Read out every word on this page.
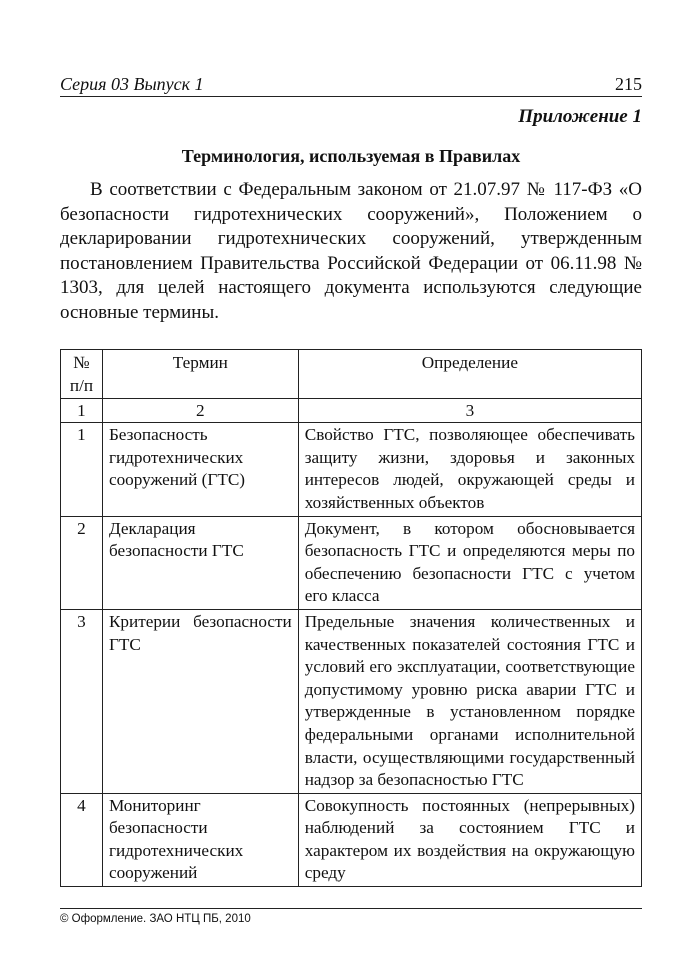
Серия 03 Выпуск 1	215
Приложение 1
Терминология, используемая в Правилах

В соответствии с Федеральным законом от 21.07.97 № 117-ФЗ «О безопасности гидротехнических сооружений», Положением о декларировании гидротехнических сооружений, утвержденным постановлением Правительства Российской Федерации от 06.11.98 № 1303, для целей настоящего документа используются следующие основные термины.

№ п/п	Термин	Определение
1	2	3
1	Безопасность гидротехнических сооружений (ГТС)	Свойство ГТС, позволяющее обеспечивать защиту жизни, здоровья и законных интересов людей, окружающей среды и хозяйственных объектов
2	Декларация безопасности ГТС	Документ, в котором обосновывается безопасность ГТС и определяются меры по обеспечению безопасности ГТС с учетом его класса
3	Критерии безопасности ГТС	Предельные значения количественных и качественных показателей состояния ГТС и условий его эксплуатации, соответствующие допустимому уровню риска аварии ГТС и утвержденные в установленном порядке федеральными органами исполнительной власти, осуществляющими государственный надзор за безопасностью ГТС
4	Мониторинг безопасности гидротехнических сооружений	Совокупность постоянных (непрерывных) наблюдений за состоянием ГТС и характером их воздействия на окружающую среду
© Оформление. ЗАО НТЦ ПБ, 2010
